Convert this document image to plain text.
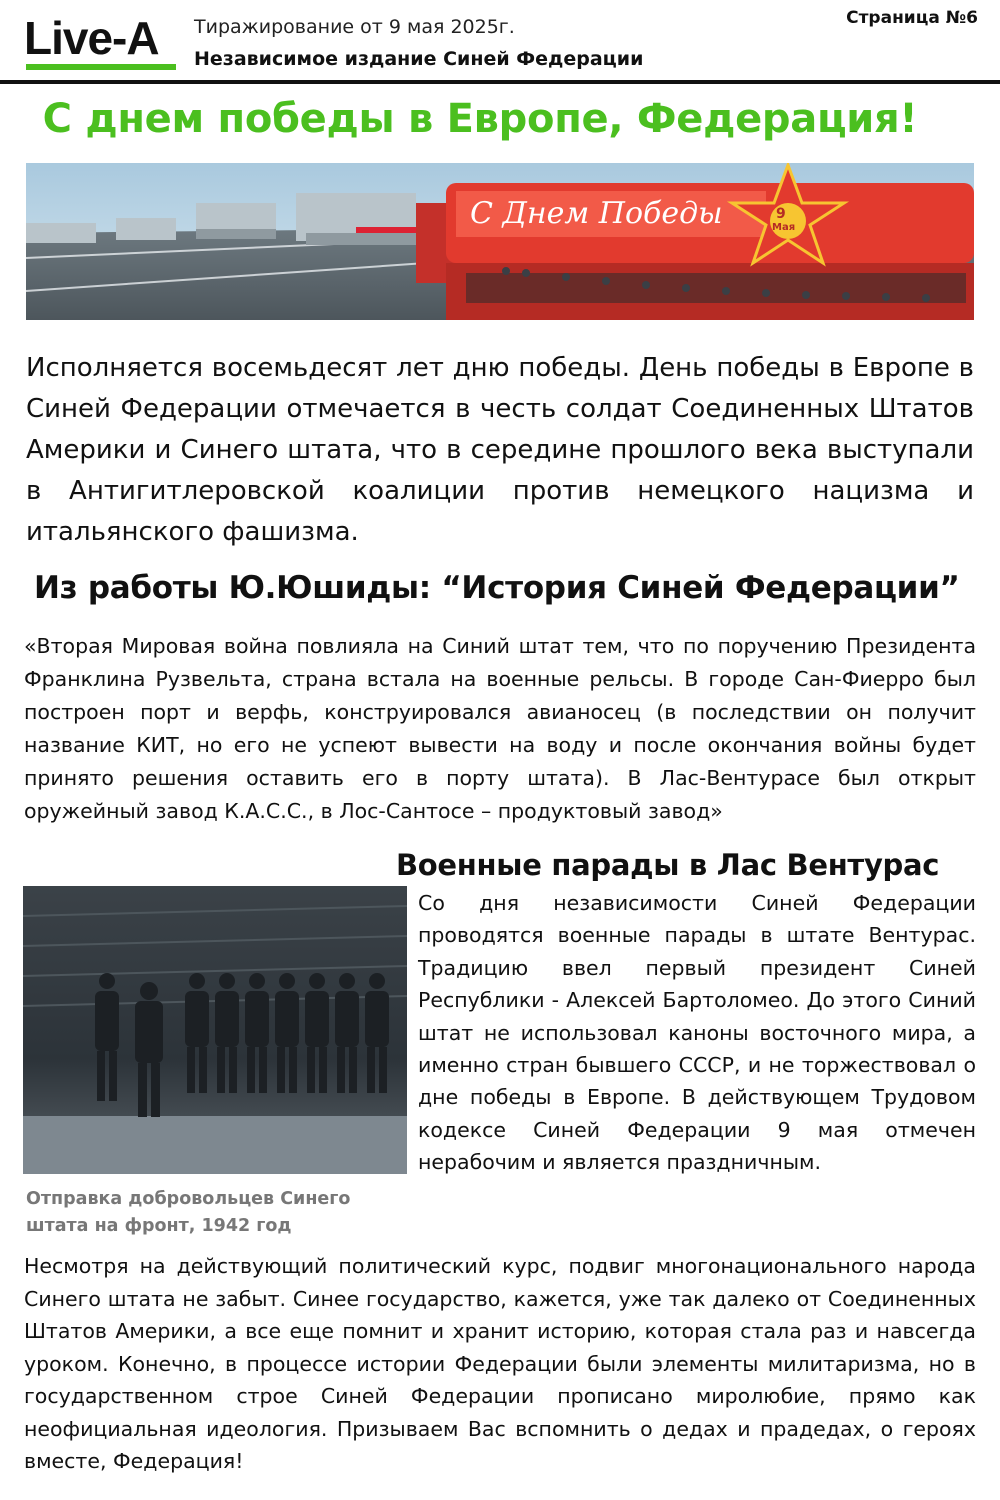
Live-A Тиражирование от 9 мая 2025г.
Независимое издание Синей Федерации
Страница №6
С днем победы в Европе, Федерация!
С Днем Победы	9
Мая
Исполняется восемьдесят лет дню победы. День победы в Европе в Синей Федерации отмечается в честь солдат Соединенных Штатов Америки и Синего штата, что в середине прошлого века выступали в Антигитлеровской коалиции против немецкого нацизма и итальянского фашизма.
Из работы Ю.Юшиды: “История Синей Федерации”
«Вторая Мировая война повлияла на Синий штат тем, что по поручению Президента Франклина Рузвельта, страна встала на военные рельсы. В городе Сан-Фиерро был построен порт и верфь, конструировался авианосец (в последствии он получит название КИТ, но его не успеют вывести на воду и после окончания войны будет принято решения оставить его в порту штата). В Лас-Вентурасе был открыт оружейный завод К.А.С.С., в Лос-Сантосе – продуктовый завод»
Военные парады в Лас Вентурас
Отправка добровольцев Синего штата на фронт, 1942 год
Со дня независимости Синей Федерации проводятся военные парады в штате Вентурас. Традицию ввел первый президент Синей Республики - Алексей Бартоломео. До этого Синий штат не использовал каноны восточного мира, а именно стран бывшего СССР, и не торжествовал о дне победы в Европе. В действующем Трудовом кодексе Синей Федерации 9 мая отмечен нерабочим и является праздничным.
Несмотря на действующий политический курс, подвиг многонационального народа Синего штата не забыт. Синее государство, кажется, уже так далеко от Соединенных Штатов Америки, а все еще помнит и хранит историю, которая стала раз и навсегда уроком. Конечно, в процессе истории Федерации были элементы милитаризма, но в государственном строе Синей Федерации прописано миролюбие, прямо как неофициальная идеология. Призываем Вас вспомнить о дедах и прадедах, о героях вместе, Федерация!
